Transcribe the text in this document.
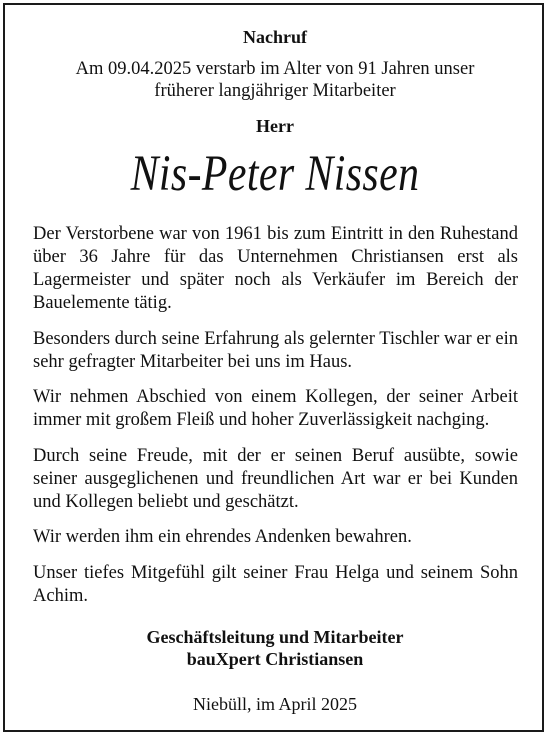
Nachruf
Am 09.04.2025 verstarb im Alter von 91 Jahren unser
früherer langjähriger Mitarbeiter
Herr
Nis-Peter Nissen

Der Verstorbene war von 1961 bis zum Eintritt in den Ruhestand über 36 Jahre für das Unternehmen Christiansen erst als Lagermeister und später noch als Verkäufer im Bereich der Bauelemente tätig.

Besonders durch seine Erfahrung als gelernter Tischler war er ein sehr gefragter Mitarbeiter bei uns im Haus.

Wir nehmen Abschied von einem Kollegen, der seiner Arbeit immer mit großem Fleiß und hoher Zuverlässigkeit nachging.

Durch seine Freude, mit der er seinen Beruf ausübte, sowie seiner ausgeglichenen und freundlichen Art war er bei Kunden und Kollegen beliebt und geschätzt.

Wir werden ihm ein ehrendes Andenken bewahren.

Unser tiefes Mitgefühl gilt seiner Frau Helga und seinem Sohn Achim.

Geschäftsleitung und Mitarbeiter
bauXpert Christiansen
Niebüll, im April 2025
